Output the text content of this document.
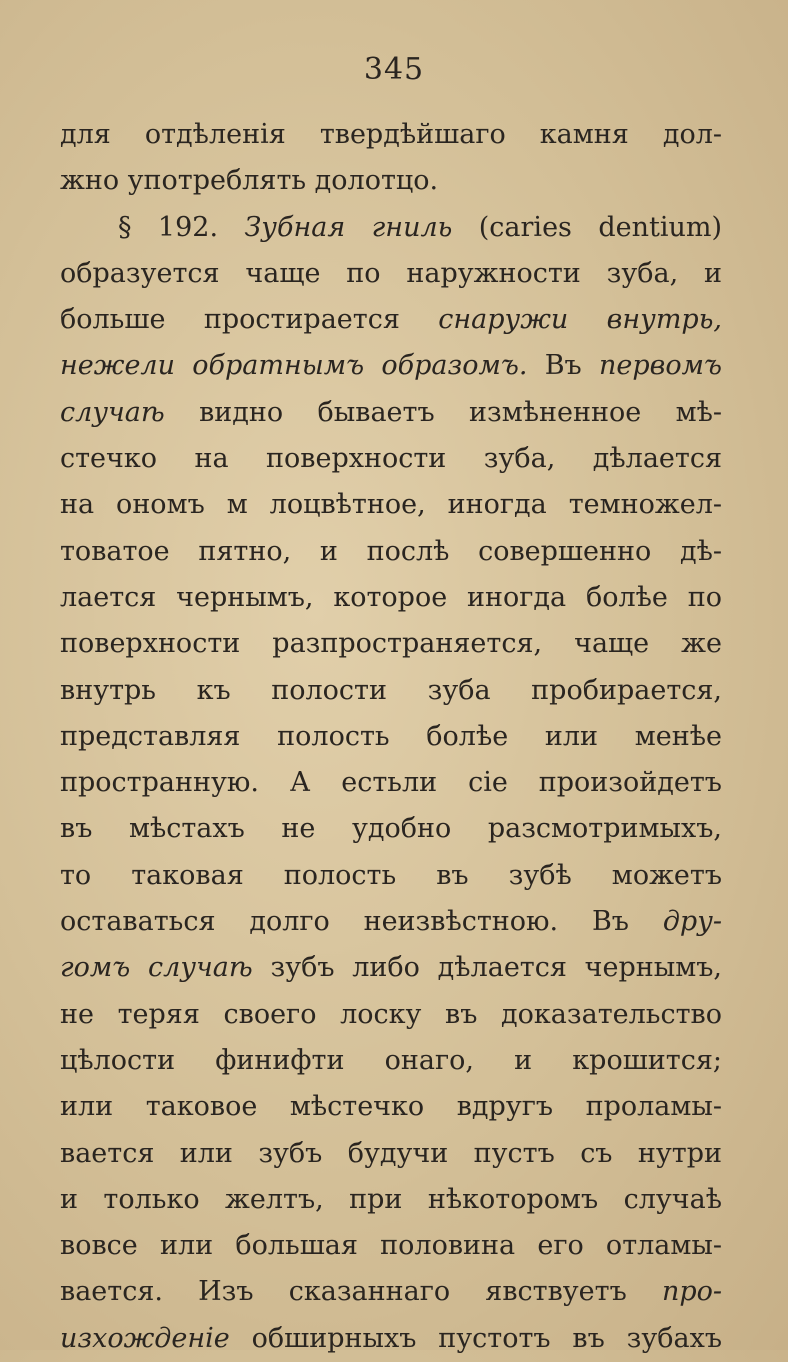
345
для отдѣленія твердѣйшаго камня дол-
жно употреблять долотцо.
§ 192. Зубная гниль (caries dentium)
образуется чаще по наружности зуба, и
больше простирается снаружи внутрь,
нежели обратнымъ образомъ. Въ первомъ
случаѣ видно бываетъ измѣненное мѣ-
стечко на поверхности зуба, дѣлается
на ономъ м лоцвѣтное, иногда темножел-
товатое пятно, и послѣ совершенно дѣ-
лается чернымъ, которое иногда болѣе по
поверхности разпространяется, чаще же
внутрь къ полости зуба пробирается,
представляя полость болѣе или менѣе
пространную. А естьли сіе произойдетъ
въ мѣстахъ не удобно разсмотримыхъ,
то таковая полость въ зубѣ можетъ
оставаться долго неизвѣстною. Въ дру-
гомъ случаѣ зубъ либо дѣлается чернымъ,
не теряя своего лоску въ доказательство
цѣлости финифти онаго, и крошится;
или таковое мѣстечко вдругъ проламы-
вается или зубъ будучи пустъ съ нутри
и только желтъ, при нѣкоторомъ случаѣ
вовсе или большая половина его отламы-
вается. Изъ сказаннаго явствуетъ про-
изхожденіе обширныхъ пустотъ въ зубахъ
